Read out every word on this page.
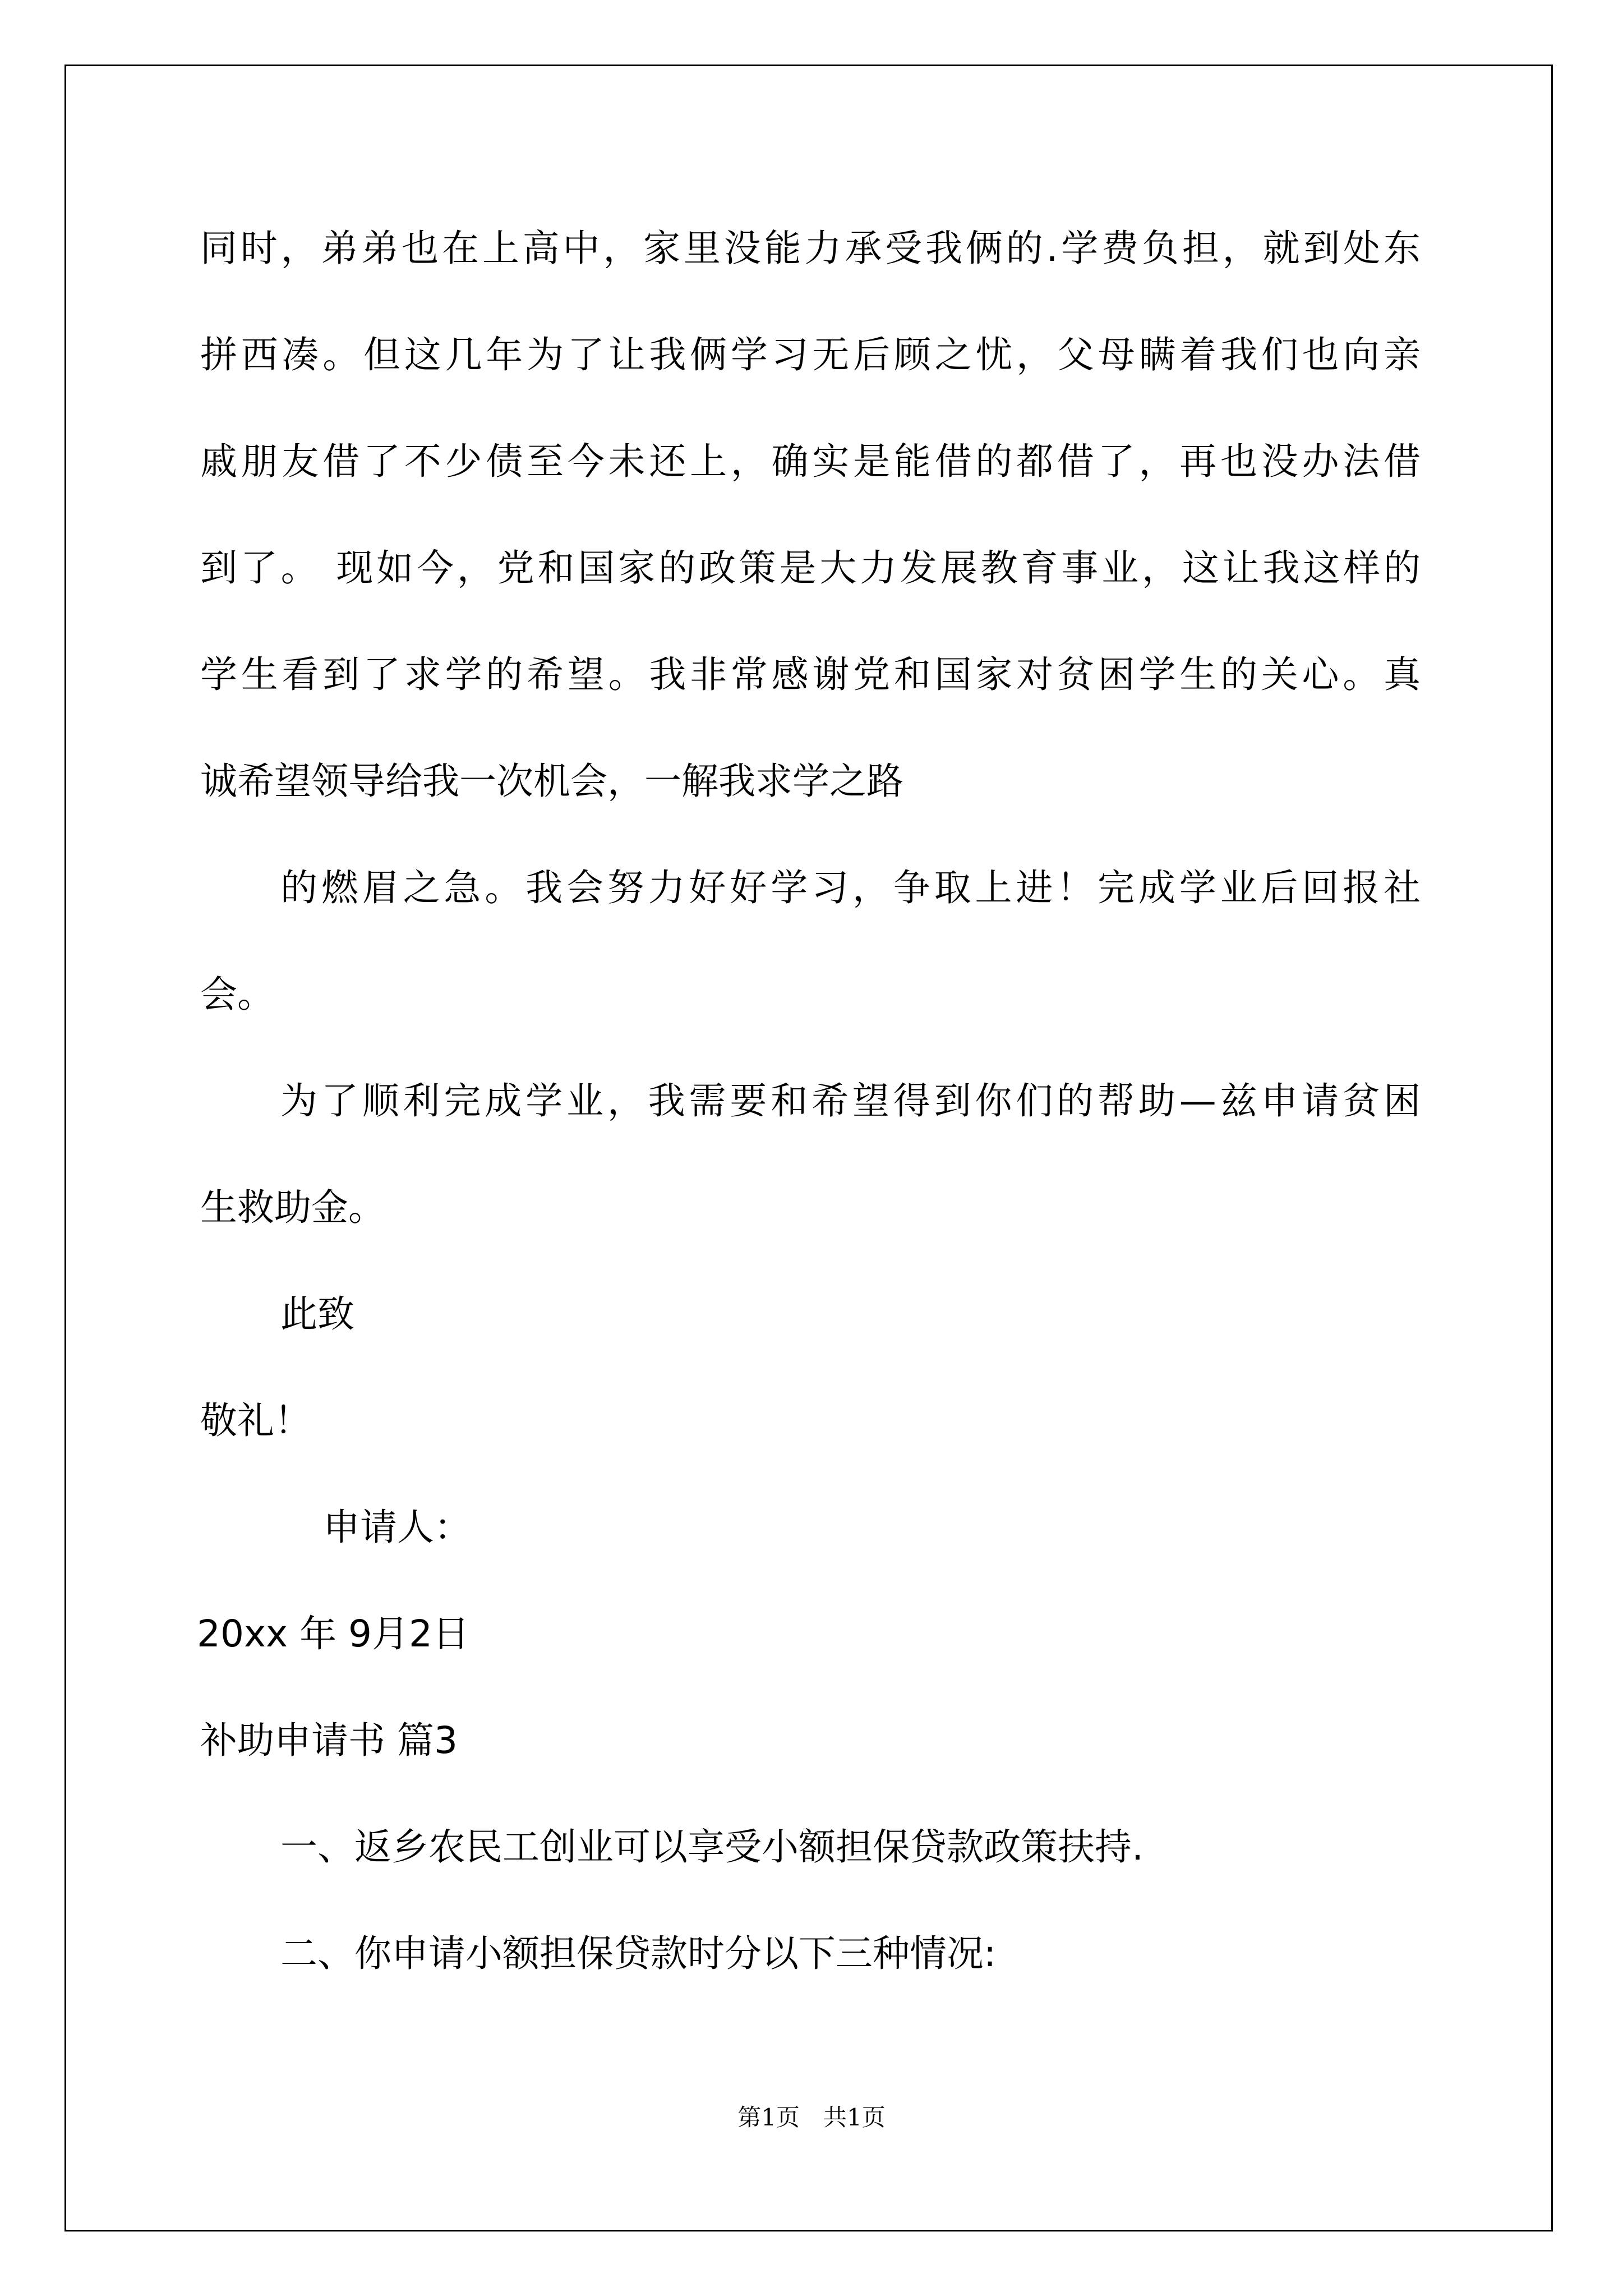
同时，弟弟也在上高中，家里没能力承受我俩的.学费负担，就到处东

拼西凑。但这几年为了让我俩学习无后顾之忧，父母瞒着我们也向亲

戚朋友借了不少债至今未还上，确实是能借的都借了，再也没办法借

到了。 现如今，党和国家的政策是大力发展教育事业，这让我这样的

学生看到了求学的希望。我非常感谢党和国家对贫困学生的关心。真

诚希望领导给我一次机会，一解我求学之路

的燃眉之急。我会努力好好学习，争取上进！完成学业后回报社

会。

为了顺利完成学业，我需要和希望得到你们的帮助—兹申请贫困

生救助金。

此致

敬礼！

申请人：

20xx 年 9月2日

补助申请书 篇3

一、返乡农民工创业可以享受小额担保贷款政策扶持.

二、你申请小额担保贷款时分以下三种情况:

第1页　共1页
